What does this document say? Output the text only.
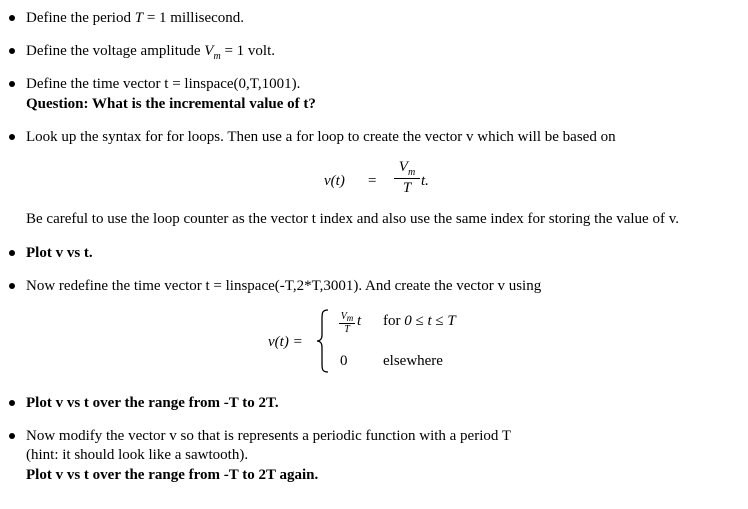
Define the period T = 1 millisecond.
Define the voltage amplitude $V_m = 1$ volt.
Define the time vector t = linspace(0,T,1001).
Question: What is the incremental value of t?
Look up the syntax for for loops. Then use a for loop to create the vector v which will be based on
v(t) =
$V_m$
T t.
Be careful to use the loop counter as the vector t index and also use the same index for storing the value of v.
Plot v vs t.
Now redefine the time vector t = linspace(-T,2*T,3001). And create the vector v using
v(t) =
Vm
T
t for 0 ≤ t ≤ T
0 elsewhere
Plot v vs t over the range from -T to 2T.
Now modify the vector v so that is represents a periodic function with a period T
(hint: it should look like a sawtooth).
Plot v vs t over the range from -T to 2T again.
